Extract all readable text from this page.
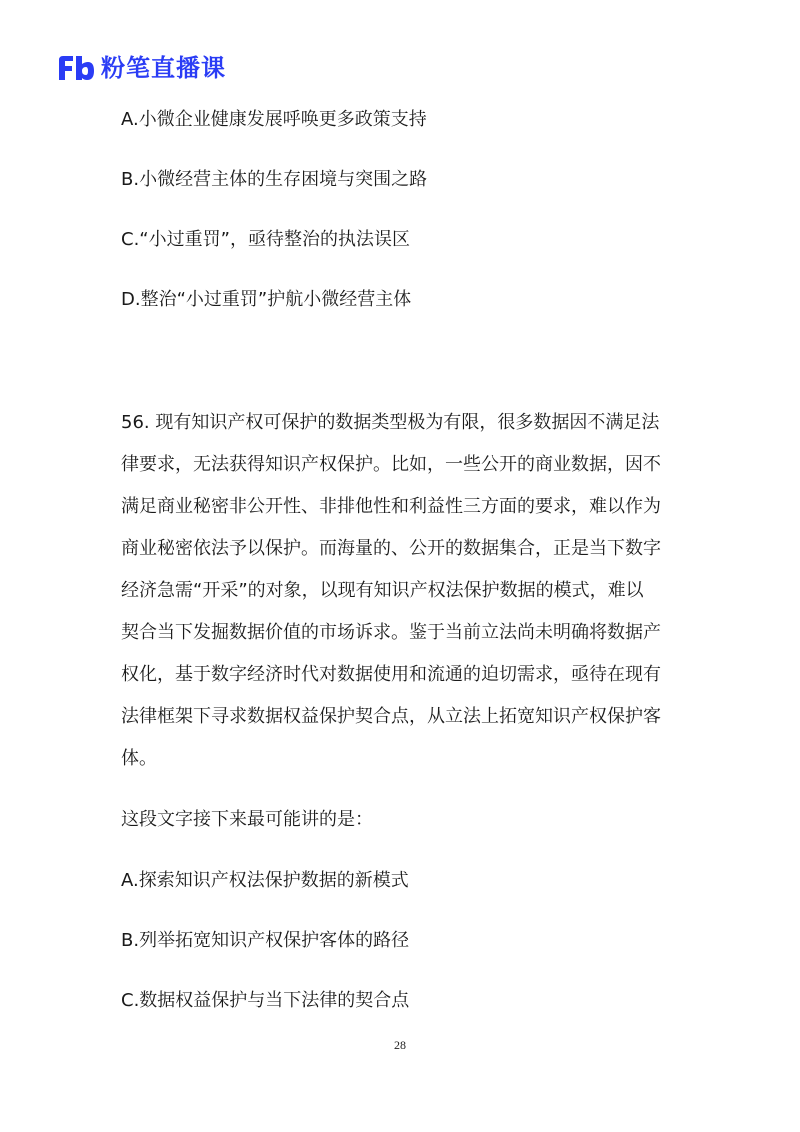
粉笔直播课

A.小微企业健康发展呼唤更多政策支持

B.小微经营主体的生存困境与突围之路

C.“小过重罚”，亟待整治的执法误区

D.整治“小过重罚”护航小微经营主体

56. 现有知识产权可保护的数据类型极为有限，很多数据因不满足法

律要求，无法获得知识产权保护。比如，一些公开的商业数据，因不

满足商业秘密非公开性、非排他性和利益性三方面的要求，难以作为

商业秘密依法予以保护。而海量的、公开的数据集合，正是当下数字

经济急需“开采”的对象，以现有知识产权法保护数据的模式，难以

契合当下发掘数据价值的市场诉求。鉴于当前立法尚未明确将数据产

权化，基于数字经济时代对数据使用和流通的迫切需求，亟待在现有

法律框架下寻求数据权益保护契合点，从立法上拓宽知识产权保护客

体。

这段文字接下来最可能讲的是：

A.探索知识产权法保护数据的新模式

B.列举拓宽知识产权保护客体的路径

C.数据权益保护与当下法律的契合点

28
